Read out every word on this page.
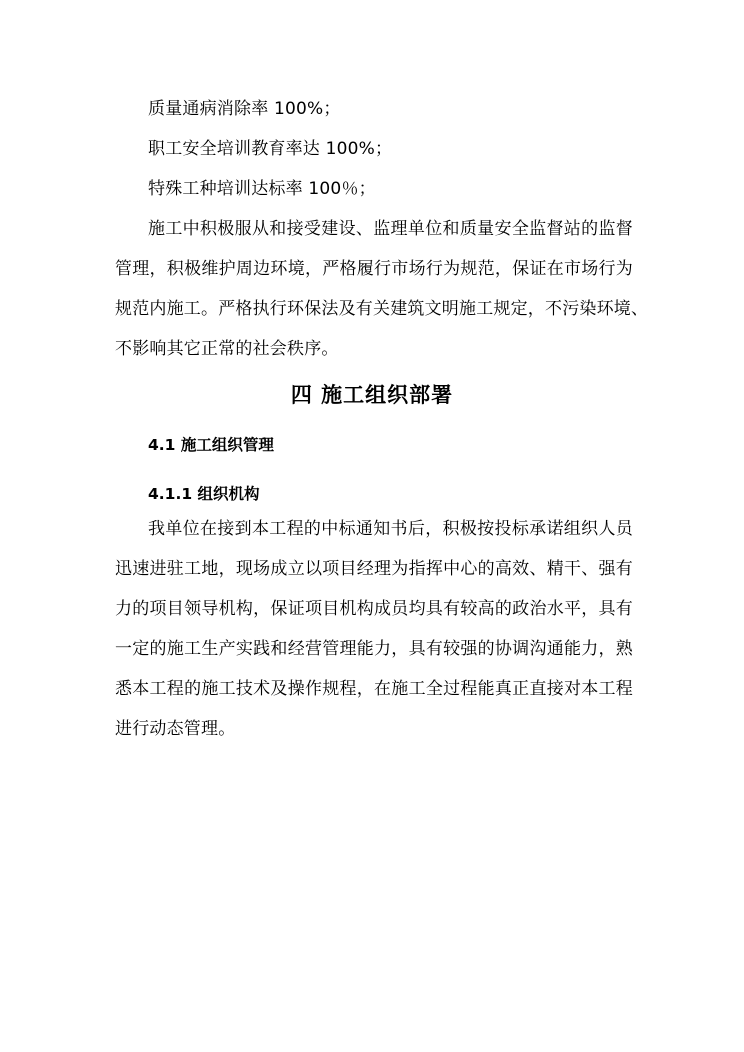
质量通病消除率 100%；

职工安全培训教育率达 100%；

特殊工种培训达标率 100％；

施工中积极服从和接受建设、监理单位和质量安全监督站的监督

管理，积极维护周边环境，严格履行市场行为规范，保证在市场行为

规范内施工。严格执行环保法及有关建筑文明施工规定，不污染环境、

不影响其它正常的社会秩序。

四 施工组织部署
4.1 施工组织管理
4.1.1 组织机构

我单位在接到本工程的中标通知书后，积极按投标承诺组织人员

迅速进驻工地，现场成立以项目经理为指挥中心的高效、精干、强有

力的项目领导机构，保证项目机构成员均具有较高的政治水平，具有

一定的施工生产实践和经营管理能力，具有较强的协调沟通能力，熟

悉本工程的施工技术及操作规程，在施工全过程能真正直接对本工程

进行动态管理。
